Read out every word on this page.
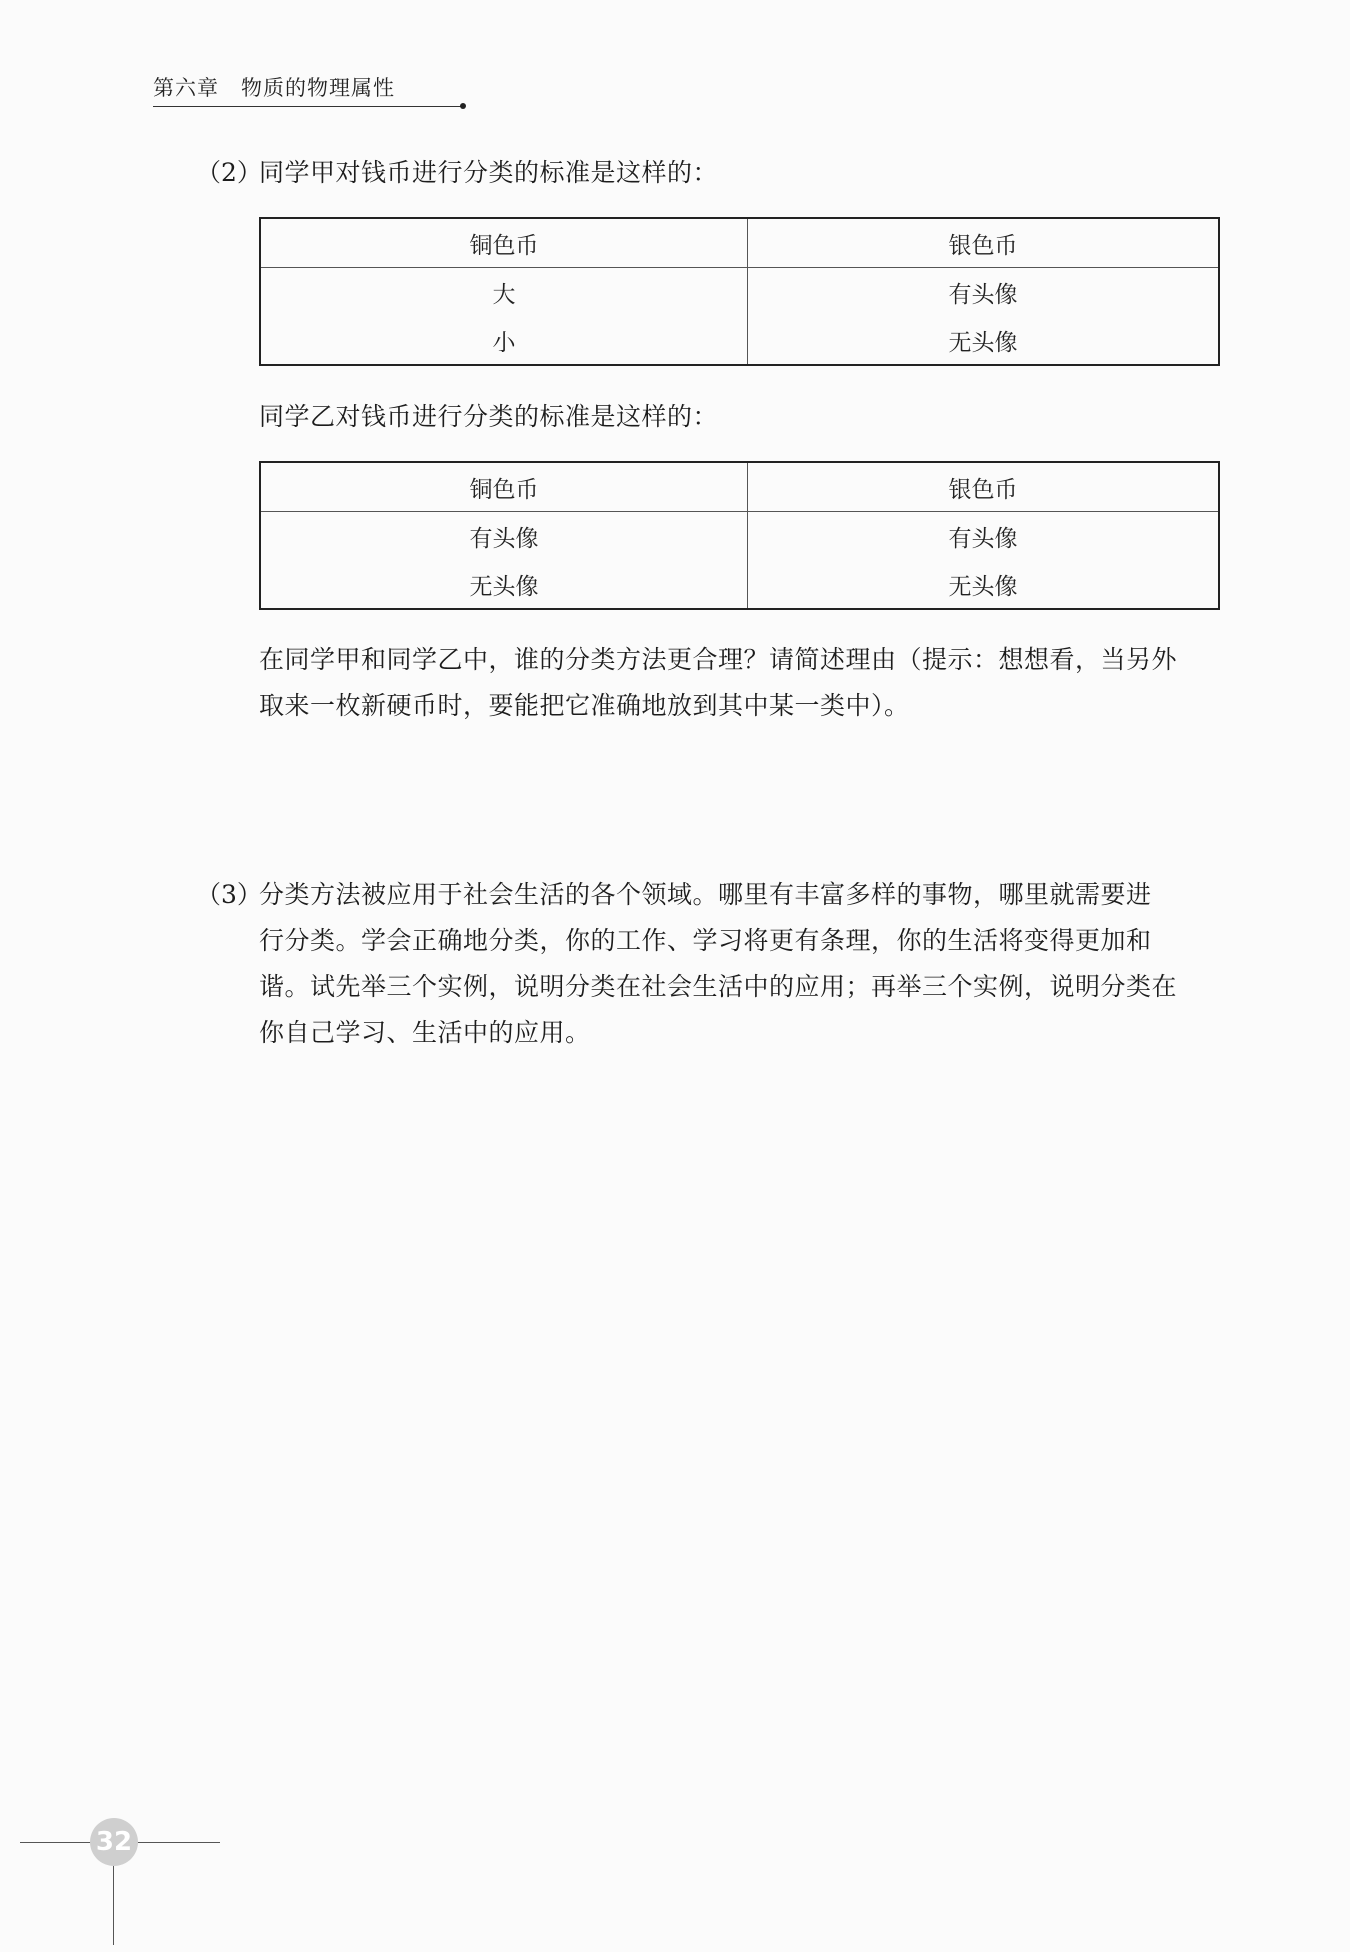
第六章 物质的物理属性
（2）
同学甲对钱币进行分类的标准是这样的：
铜色币	银色币
大	有头像
小	无头像
同学乙对钱币进行分类的标准是这样的：
铜色币	银色币
有头像	有头像
无头像	无头像
在同学甲和同学乙中，谁的分类方法更合理？请简述理由（提示：想想看，当另外
取来一枚新硬币时，要能把它准确地放到其中某一类中）。
（3）
分类方法被应用于社会生活的各个领域。哪里有丰富多样的事物，哪里就需要进
行分类。学会正确地分类，你的工作、学习将更有条理，你的生活将变得更加和
谐。试先举三个实例，说明分类在社会生活中的应用；再举三个实例，说明分类在
你自己学习、生活中的应用。
32
